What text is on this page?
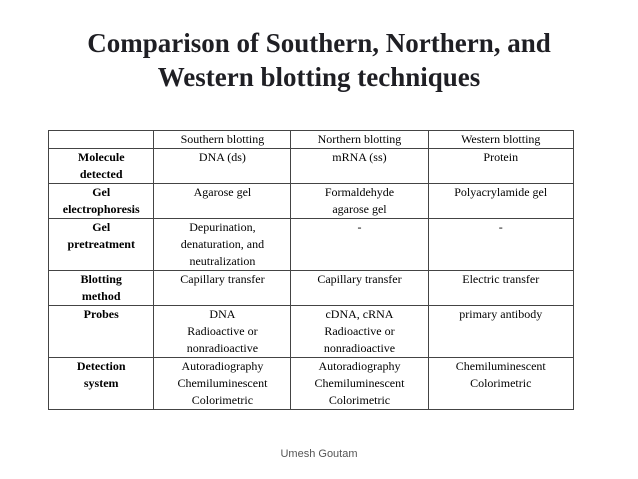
Comparison of Southern, Northern, and
Western blotting techniques
	Southern blotting	Northern blotting	Western blotting

Molecule
detected	DNA (ds)	mRNA (ss)	Protein

Gel
electrophoresis	Agarose gel	Formaldehyde
agarose gel	Polyacrylamide gel

Gel
pretreatment	Depurination,
denaturation, and
neutralization	-	-

Blotting
method	Capillary transfer	Capillary transfer	Electric transfer

Probes	DNA
Radioactive or
nonradioactive	cDNA, cRNA
Radioactive or
nonradioactive	primary antibody

Detection
system	Autoradiography
Chemiluminescent
Colorimetric	Autoradiography
Chemiluminescent
Colorimetric	Chemiluminescent
Colorimetric
Umesh Goutam
